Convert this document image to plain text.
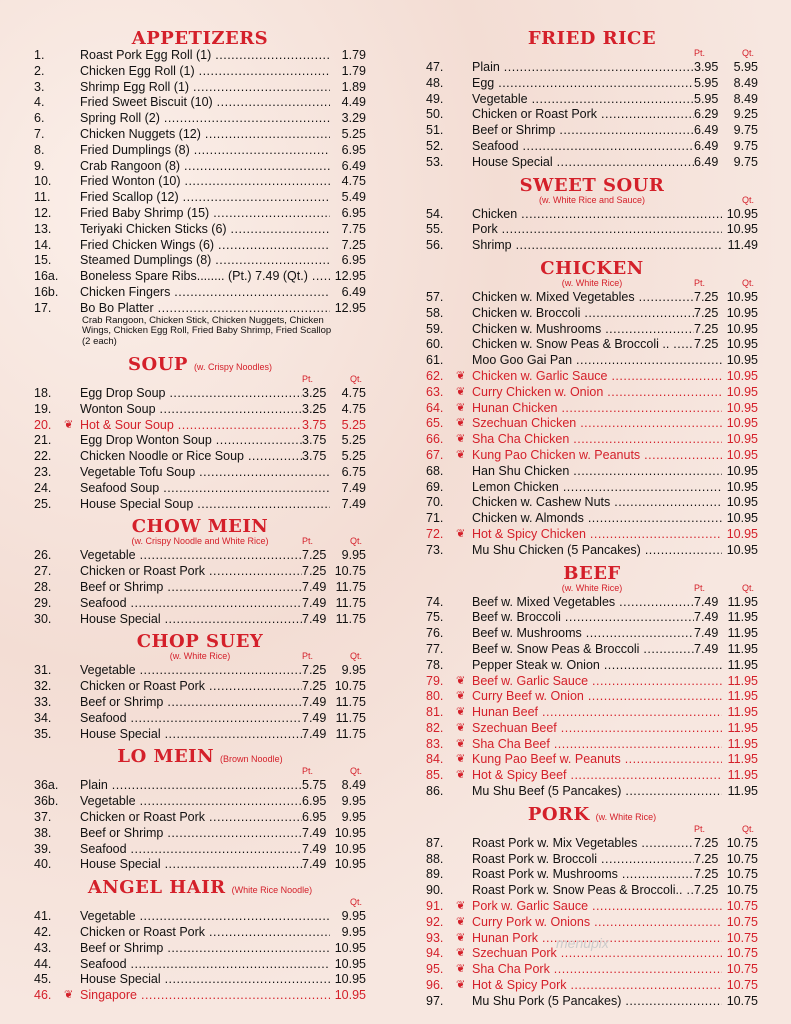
APPETIZERS
1.	Roast Pork Egg Roll (1) .....	1.79
2.	Chicken Egg Roll (1) .....	1.79
3.	Shrimp Egg Roll (1) .....	1.89
4.	Fried Sweet Biscuit (10) .....	4.49
6.	Spring Roll (2) .....	3.29
7.	Chicken Nuggets (12) .....	5.25
8.	Fried Dumplings (8) .....	6.95
9.	Crab Rangoon (8) .....	6.49
10.	Fried Wonton (10) .....	4.75
11.	Fried Scallop (12) .....	5.49
12.	Fried Baby Shrimp (15) .....	6.95
13.	Teriyaki Chicken Sticks (6) .....	7.75
14.	Fried Chicken Wings (6) .....	7.25
15.	Steamed Dumplings (8) .....	6.95
16a.	Boneless Spare Ribs........ (Pt.) 7.49 (Qt.) .....	12.95
16b.	Chicken Fingers .....	6.49
17.	Bo Bo Platter .....	12.95
Crab Rangoon, Chicken Stick, Chicken Nuggets, Chicken Wings, Chicken Egg Roll, Fried Baby Shrimp, Fried Scallop (2 each)
SOUP (w. Crispy Noodles)
Pt.	Qt.
18.	Egg Drop Soup .....	3.25 4.75
19.	Wonton Soup .....	3.25 4.75
20.	❦ Hot & Sour Soup .....	3.75 5.25
21.	Egg Drop Wonton Soup .....	3.75 5.25
22.	Chicken Noodle or Rice Soup .....	3.75 5.25
23.	Vegetable Tofu Soup .....	6.75
24.	Seafood Soup .....	7.49
25.	House Special Soup .....	7.49
CHOW MEIN
(w. Crispy Noodle and White Rice)	Pt.	Qt.
26.	Vegetable .....	7.25 9.95
27.	Chicken or Roast Pork .....	7.25 10.75
28.	Beef or Shrimp .....	7.49 11.75
29.	Seafood .....	7.49 11.75
30.	House Special .....	7.49 11.75
CHOP SUEY
(w. White Rice)	Pt.	Qt.
31.	Vegetable .....	7.25 9.95
32.	Chicken or Roast Pork .....	7.25 10.75
33.	Beef or Shrimp .....	7.49 11.75
34.	Seafood .....	7.49 11.75
35.	House Special .....	7.49 11.75
LO MEIN (Brown Noodle)
Pt.	Qt.
36a.	Plain .....	5.75 8.49
36b.	Vegetable .....	6.95 9.95
37.	Chicken or Roast Pork .....	6.95 9.95
38.	Beef or Shrimp .....	7.49 10.95
39.	Seafood .....	7.49 10.95
40.	House Special .....	7.49 10.95
ANGEL HAIR (White Rice Noodle)
Qt.
41.	Vegetable .....	9.95
42.	Chicken or Roast Pork .....	9.95
43.	Beef or Shrimp .....	10.95
44.	Seafood .....	10.95
45.	House Special .....	10.95
46.	❦ Singapore .....	10.95
FRIED RICE
Pt.	Qt.
47.	Plain .....	3.95 5.95
48.	Egg .....	5.95 8.49
49.	Vegetable .....	5.95 8.49
50.	Chicken or Roast Pork .....	6.29 9.25
51.	Beef or Shrimp .....	6.49 9.75
52.	Seafood .....	6.49 9.75
53.	House Special .....	6.49 9.75
SWEET SOUR
(w. White Rice and Sauce)	Qt.
54.	Chicken .....	10.95
55.	Pork .....	10.95
56.	Shrimp .....	11.49
CHICKEN
(w. White Rice)	Pt.	Qt.
57.	Chicken w. Mixed Vegetables .....	7.25 10.95
58.	Chicken w. Broccoli .....	7.25 10.95
59.	Chicken w. Mushrooms .....	7.25 10.95
60.	Chicken w. Snow Peas & Broccoli .. .....	7.25 10.95
61.	Moo Goo Gai Pan .....	10.95
62.	❦ Chicken w. Garlic Sauce .....	10.95
63.	❦ Curry Chicken w. Onion .....	10.95
64.	❦ Hunan Chicken .....	10.95
65.	❦ Szechuan Chicken .....	10.95
66.	❦ Sha Cha Chicken .....	10.95
67.	❦ Kung Pao Chicken w. Peanuts .....	10.95
68.	Han Shu Chicken .....	10.95
69.	Lemon Chicken .....	10.95
70.	Chicken w. Cashew Nuts .....	10.95
71.	Chicken w. Almonds .....	10.95
72.	❦ Hot & Spicy Chicken .....	10.95
73.	Mu Shu Chicken (5 Pancakes) .....	10.95
BEEF
(w. White Rice)	Pt.	Qt.
74.	Beef w. Mixed Vegetables .....	7.49 11.95
75.	Beef w. Broccoli .....	7.49 11.95
76.	Beef w. Mushrooms .....	7.49 11.95
77.	Beef w. Snow Peas & Broccoli .....	7.49 11.95
78.	Pepper Steak w. Onion .....	11.95
79.	❦ Beef w. Garlic Sauce .....	11.95
80.	❦ Curry Beef w. Onion .....	11.95
81.	❦ Hunan Beef .....	11.95
82.	❦ Szechuan Beef .....	11.95
83.	❦ Sha Cha Beef .....	11.95
84.	❦ Kung Pao Beef w. Peanuts .....	11.95
85.	❦ Hot & Spicy Beef .....	11.95
86.	Mu Shu Beef (5 Pancakes) .....	11.95
PORK (w. White Rice)
Pt.	Qt.
87.	Roast Pork w. Mix Vegetables .....	7.25 10.75
88.	Roast Pork w. Broccoli .....	7.25 10.75
89.	Roast Pork w. Mushrooms .....	7.25 10.75
90.	Roast Pork w. Snow Peas & Broccoli.. ..... 7.25 10.75
91.	❦ Pork w. Garlic Sauce .....	10.75
92.	❦ Curry Pork w. Onions .....	10.75
93.	❦ Hunan Pork .....	10.75
94.	❦ Szechuan Pork .....	10.75
95.	❦ Sha Cha Pork .....	10.75
96.	❦ Hot & Spicy Pork .....	10.75
97.	Mu Shu Pork (5 Pancakes) .....	10.75
menupix
